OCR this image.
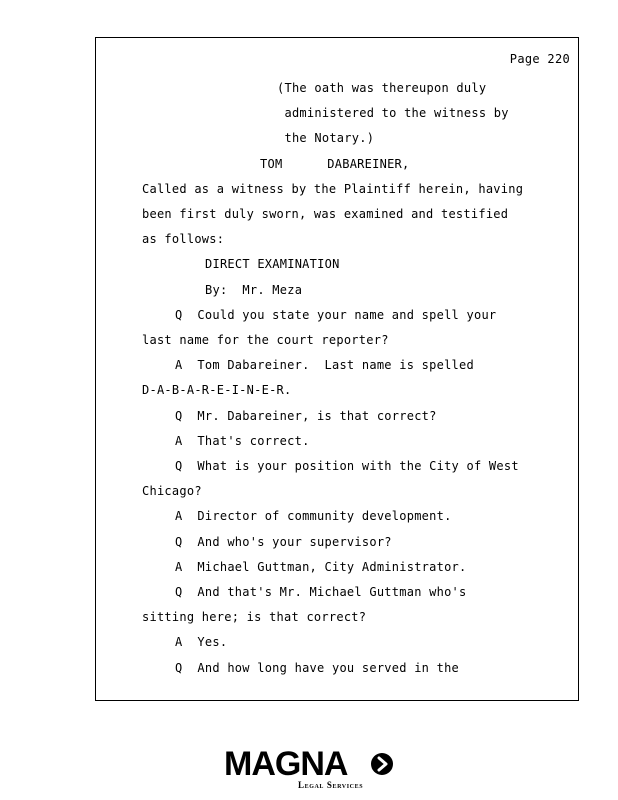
Page 220
(The oath was thereupon duly
administered to the witness by
the Notary.)
TOM      DABAREINER,
Called as a witness by the Plaintiff herein, having
been first duly sworn, was examined and testified
as follows:
DIRECT EXAMINATION
By:  Mr. Meza
Q  Could you state your name and spell your
last name for the court reporter?
A  Tom Dabareiner.  Last name is spelled
D-A-B-A-R-E-I-N-E-R.
Q  Mr. Dabareiner, is that correct?
A  That's correct.
Q  What is your position with the City of West
Chicago?
A  Director of community development.
Q  And who's your supervisor?
A  Michael Guttman, City Administrator.
Q  And that's Mr. Michael Guttman who's
sitting here; is that correct?
A  Yes.
Q  And how long have you served in the
MAGNA
Legal Services
